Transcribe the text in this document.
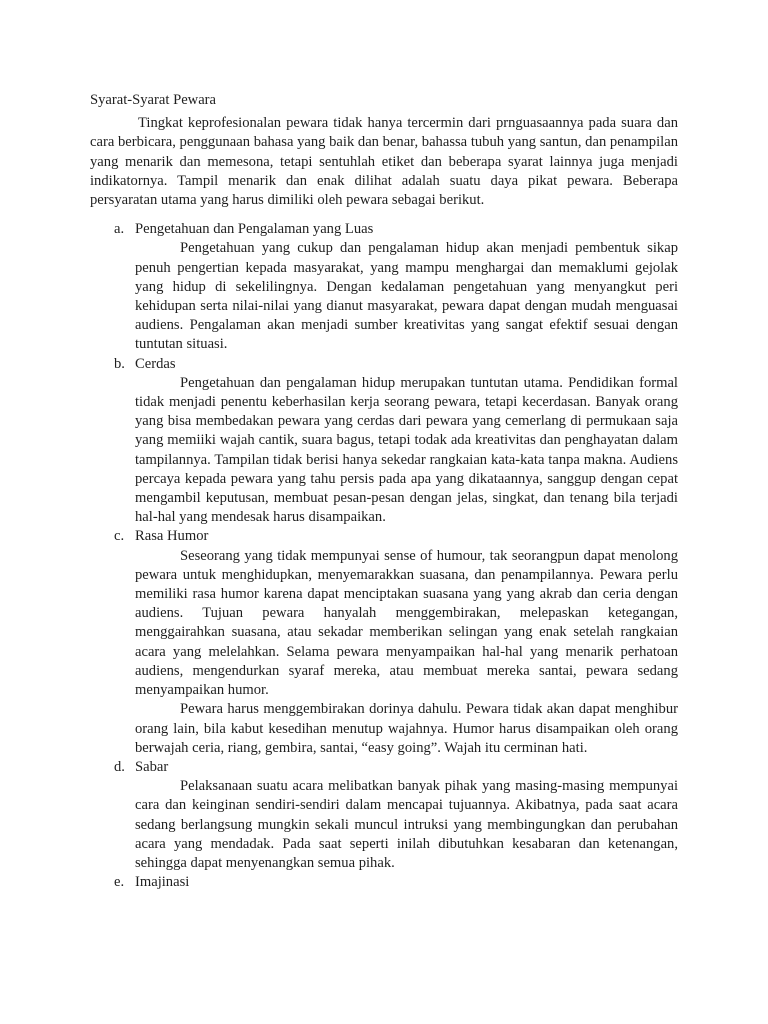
Syarat-Syarat Pewara

Tingkat keprofesionalan pewara tidak hanya tercermin dari prnguasaannya pada suara dan cara berbicara, penggunaan bahasa yang baik dan benar, bahassa tubuh yang santun, dan penampilan yang menarik dan memesona, tetapi sentuhlah etiket dan beberapa syarat lainnya juga menjadi indikatornya. Tampil menarik dan enak dilihat adalah suatu daya pikat pewara. Beberapa persyaratan utama yang harus dimiliki oleh pewara sebagai berikut.

a. Pengetahuan dan Pengalaman yang Luas

Pengetahuan yang cukup dan pengalaman hidup akan menjadi pembentuk sikap penuh pengertian kepada masyarakat, yang mampu menghargai dan memaklumi gejolak yang hidup di sekelilingnya. Dengan kedalaman pengetahuan yang menyangkut peri kehidupan serta nilai-nilai yang dianut masyarakat, pewara dapat dengan mudah menguasai audiens. Pengalaman akan menjadi sumber kreativitas yang sangat efektif sesuai dengan tuntutan situasi.

b. Cerdas

Pengetahuan dan pengalaman hidup merupakan tuntutan utama. Pendidikan formal tidak menjadi penentu keberhasilan kerja seorang pewara, tetapi kecerdasan. Banyak orang yang bisa membedakan pewara yang cerdas dari pewara yang cemerlang di permukaan saja yang memiiki wajah cantik, suara bagus, tetapi todak ada kreativitas dan penghayatan dalam tampilannya. Tampilan tidak berisi hanya sekedar rangkaian kata-kata tanpa makna. Audiens percaya kepada pewara yang tahu persis pada apa yang dikataannya, sanggup dengan cepat mengambil keputusan, membuat pesan-pesan dengan jelas, singkat, dan tenang bila terjadi hal-hal yang mendesak harus disampaikan.

c. Rasa Humor

Seseorang yang tidak mempunyai sense of humour, tak seorangpun dapat menolong pewara untuk menghidupkan, menyemarakkan suasana, dan penampilannya. Pewara perlu memiliki rasa humor karena dapat menciptakan suasana yang yang akrab dan ceria dengan audiens. Tujuan pewara hanyalah menggembirakan, melepaskan ketegangan, menggairahkan suasana, atau sekadar memberikan selingan yang enak setelah rangkaian acara yang melelahkan. Selama pewara menyampaikan hal-hal yang menarik perhatoan audiens, mengendurkan syaraf mereka, atau membuat mereka santai, pewara sedang menyampaikan humor.

Pewara harus menggembirakan dorinya dahulu. Pewara tidak akan dapat menghibur orang lain, bila kabut kesedihan menutup wajahnya. Humor harus disampaikan oleh orang berwajah ceria, riang, gembira, santai, “easy going”. Wajah itu cerminan hati.

d. Sabar

Pelaksanaan suatu acara melibatkan banyak pihak yang masing-masing mempunyai cara dan keinginan sendiri-sendiri dalam mencapai tujuannya. Akibatnya, pada saat acara sedang berlangsung mungkin sekali muncul intruksi yang membingungkan dan perubahan acara yang mendadak. Pada saat seperti inilah dibutuhkan kesabaran dan ketenangan, sehingga dapat menyenangkan semua pihak.

e. Imajinasi
